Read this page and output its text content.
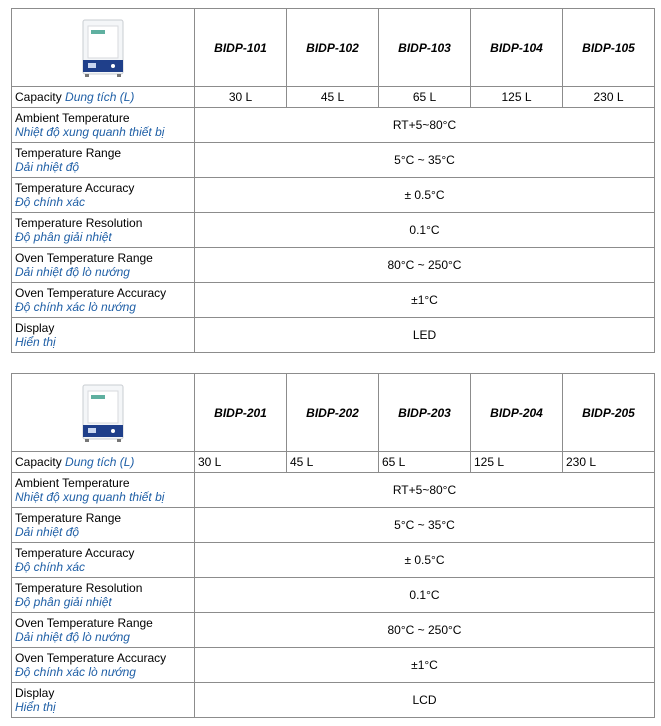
	BIDP-101	BIDP-102	BIDP-103	BIDP-104	BIDP-105
Capacity Dung tích (L)	30 L	45 L	65 L	125 L	230 L

Ambient Temperature
Nhiệt độ xung quanh thiết bị	RT+5~80°C				

Temperature Range
Dải nhiệt độ	5°C ~ 35°C				

Temperature Accuracy
Độ chính xác	± 0.5°C				

Temperature Resolution
Độ phân giải nhiệt	0.1°C				

Oven Temperature Range
Dải nhiệt độ lò nướng	80°C ~ 250°C				

Oven Temperature Accuracy
Độ chính xác lò nướng	±1°C				

Display
Hiển thị	LED				
	BIDP-201	BIDP-202	BIDP-203	BIDP-204	BIDP-205
Capacity Dung tích (L)	30 L	45 L	65 L	125 L	230 L

Ambient Temperature
Nhiệt độ xung quanh thiết bị	RT+5~80°C				

Temperature Range
Dải nhiệt độ	5°C ~ 35°C				

Temperature Accuracy
Độ chính xác	± 0.5°C				

Temperature Resolution
Độ phân giải nhiệt	0.1°C				

Oven Temperature Range
Dải nhiệt độ lò nướng	80°C ~ 250°C				

Oven Temperature Accuracy
Độ chính xác lò nướng	±1°C				

Display
Hiển thị	LCD				
